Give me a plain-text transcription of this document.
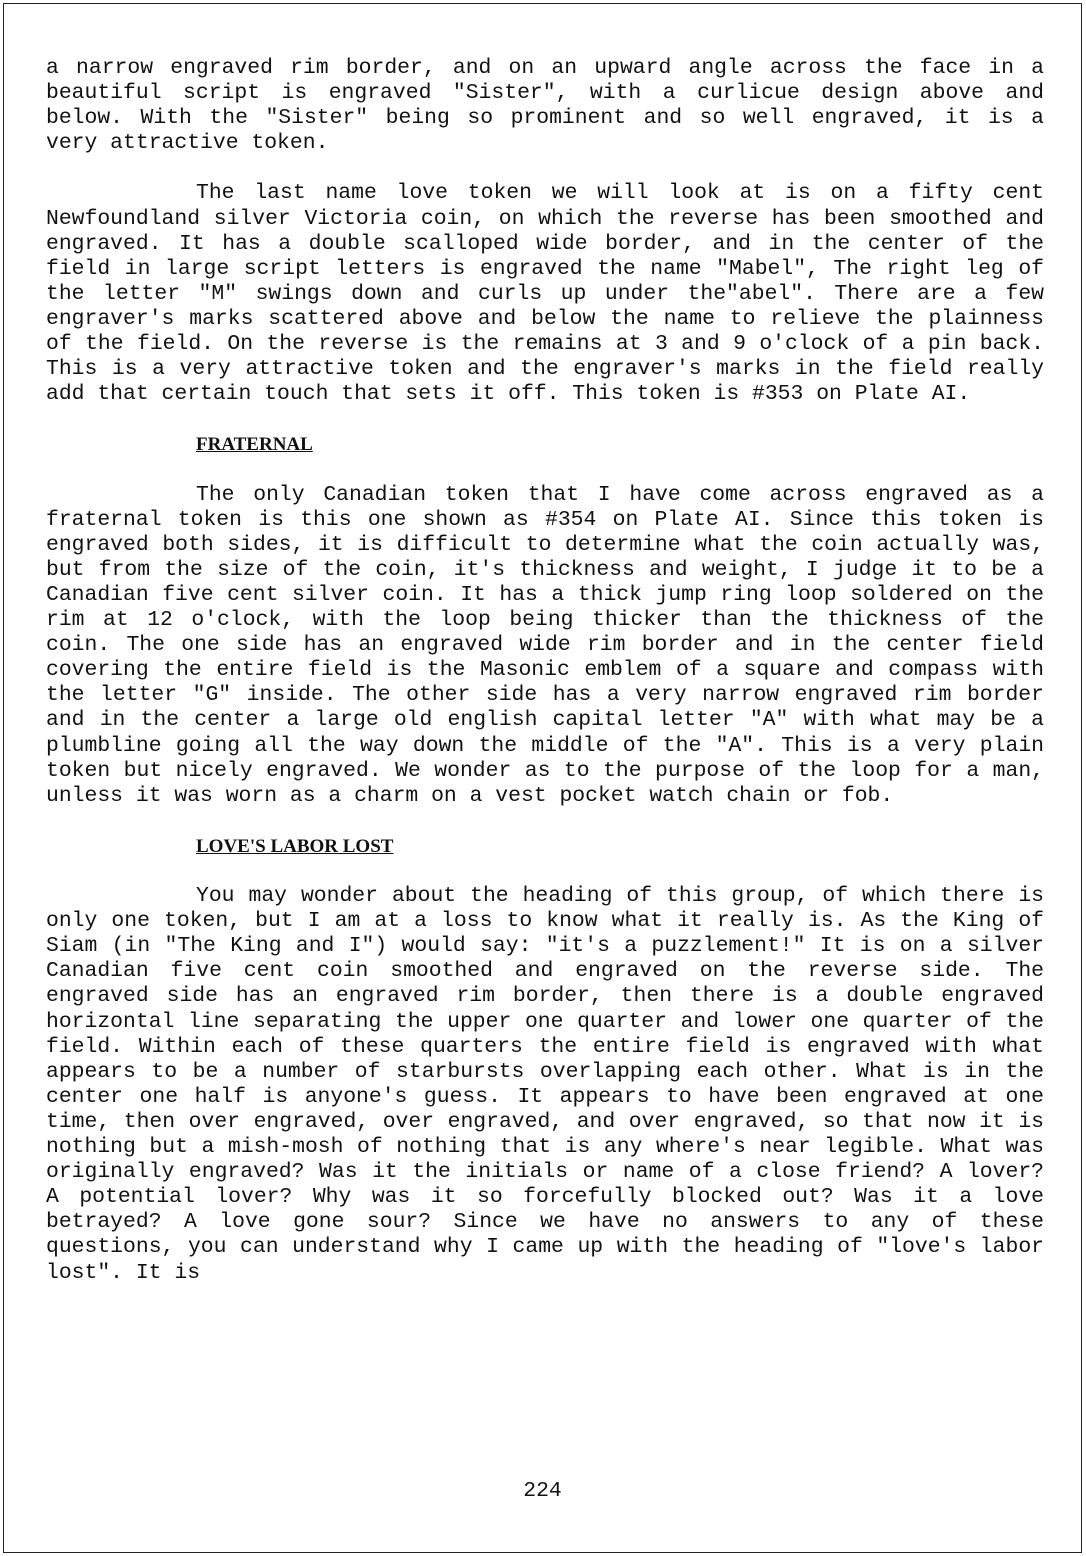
a narrow engraved rim border, and on an upward angle across the face in a beautiful script is engraved "Sister", with a curlicue design above and below. With the "Sister" being so prominent and so well engraved, it is a very attractive token.

The last name love token we will look at is on a fifty cent Newfoundland silver Victoria coin, on which the reverse has been smoothed and engraved. It has a double scalloped wide border, and in the center of the field in large script letters is engraved the name "Mabel", The right leg of the letter "M" swings down and curls up under the"abel". There are a few engraver's marks scattered above and below the name to relieve the plainness of the field. On the reverse is the remains at 3 and 9 o'clock of a pin back. This is a very attractive token and the engraver's marks in the field really add that certain touch that sets it off. This token is #353 on Plate AI.

FRATERNAL

The only Canadian token that I have come across engraved as a fraternal token is this one shown as #354 on Plate AI. Since this token is engraved both sides, it is difficult to determine what the coin actually was, but from the size of the coin, it's thickness and weight, I judge it to be a Canadian five cent silver coin. It has a thick jump ring loop soldered on the rim at 12 o'clock, with the loop being thicker than the thickness of the coin. The one side has an engraved wide rim border and in the center field covering the entire field is the Masonic emblem of a square and compass with the letter "G" inside. The other side has a very narrow engraved rim border and in the center a large old english capital letter "A" with what may be a plumbline going all the way down the middle of the "A". This is a very plain token but nicely engraved. We wonder as to the purpose of the loop for a man, unless it was worn as a charm on a vest pocket watch chain or fob.

LOVE'S LABOR LOST

You may wonder about the heading of this group, of which there is only one token, but I am at a loss to know what it really is. As the King of Siam (in "The King and I") would say: "it's a puzzlement!" It is on a silver Canadian five cent coin smoothed and engraved on the reverse side. The engraved side has an engraved rim border, then there is a double engraved horizontal line separating the upper one quarter and lower one quarter of the field. Within each of these quarters the entire field is engraved with what appears to be a number of starbursts overlapping each other. What is in the center one half is anyone's guess. It appears to have been engraved at one time, then over engraved, over engraved, and over engraved, so that now it is nothing but a mish-mosh of nothing that is any where's near legible. What was originally engraved? Was it the initials or name of a close friend? A lover? A potential lover? Why was it so forcefully blocked out? Was it a love betrayed? A love gone sour? Since we have no answers to any of these questions, you can understand why I came up with the heading of "love's labor lost". It is

224
